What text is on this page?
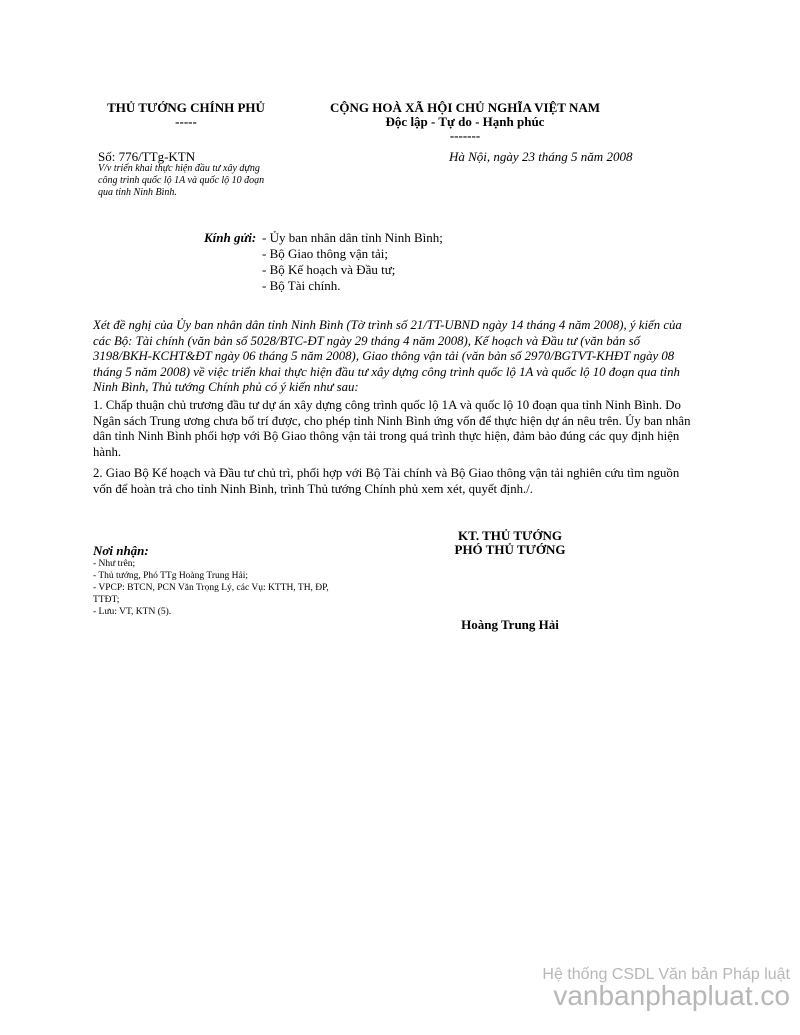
THỦ TƯỚNG CHÍNH PHỦ
-----
Số: 776/TTg-KTN
V/v triển khai thực hiện đầu tư xây dựng
công trình quốc lộ 1A và quốc lộ 10 đoạn
qua tỉnh Ninh Bình.
CỘNG HOÀ XÃ HỘI CHỦ NGHĨA VIỆT NAM
Độc lập - Tự do - Hạnh phúc
-------
Hà Nội, ngày 23 tháng 5 năm 2008
Kính gửi: - Ủy ban nhân dân tỉnh Ninh Bình;
- Bộ Giao thông vận tải;
- Bộ Kế hoạch và Đầu tư;
- Bộ Tài chính.
Xét đề nghị của Ủy ban nhân dân tỉnh Ninh Bình (Tờ trình số 21/TT-UBND ngày 14 tháng 4 năm 2008), ý kiến của
các Bộ: Tài chính (văn bản số 5028/BTC-ĐT ngày 29 tháng 4 năm 2008), Kế hoạch và Đầu tư (văn bản số
3198/BKH-KCHT&ĐT ngày 06 tháng 5 năm 2008), Giao thông vận tải (văn bản số 2970/BGTVT-KHĐT ngày 08
tháng 5 năm 2008) về việc triển khai thực hiện đầu tư xây dựng công trình quốc lộ 1A và quốc lộ 10 đoạn qua tỉnh
Ninh Bình, Thủ tướng Chính phủ có ý kiến như sau:
1. Chấp thuận chủ trương đầu tư dự án xây dựng công trình quốc lộ 1A và quốc lộ 10 đoạn qua tỉnh Ninh Bình. Do
Ngân sách Trung ương chưa bố trí được, cho phép tỉnh Ninh Bình ứng vốn để thực hiện dự án nêu trên. Ủy ban nhân
dân tỉnh Ninh Bình phối hợp với Bộ Giao thông vận tải trong quá trình thực hiện, đảm bảo đúng các quy định hiện
hành.
2. Giao Bộ Kế hoạch và Đầu tư chủ trì, phối hợp với Bộ Tài chính và Bộ Giao thông vận tải nghiên cứu tìm nguồn
vốn để hoàn trả cho tỉnh Ninh Bình, trình Thủ tướng Chính phủ xem xét, quyết định./.
KT. THỦ TƯỚNG
PHÓ THỦ TƯỚNG
Hoàng Trung Hải
Nơi nhận:
- Như trên;
- Thủ tướng, Phó TTg Hoàng Trung Hải;
- VPCP: BTCN, PCN Văn Trọng Lý, các Vụ: KTTH, TH, ĐP,
TTĐT;
- Lưu: VT, KTN (5).
Hệ thống CSDL Văn bản Pháp luật
vanbanphapluat.co
